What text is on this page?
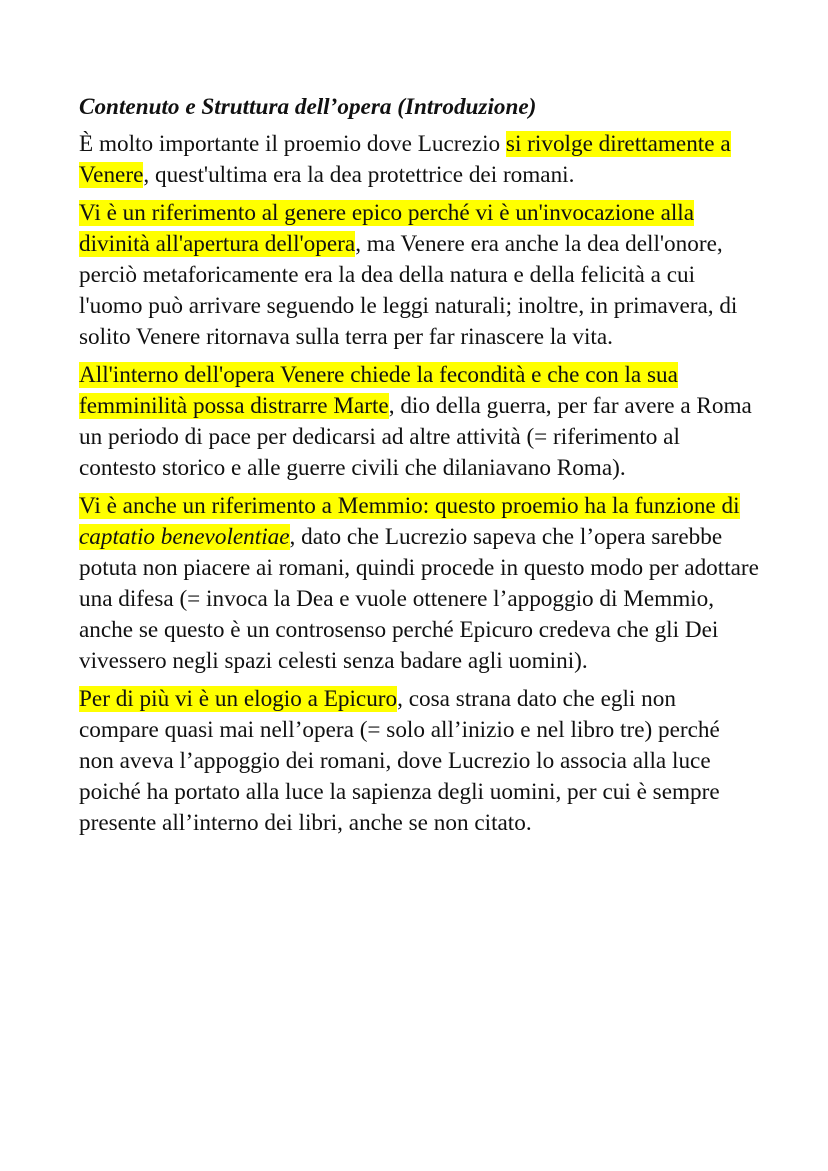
Contenuto e Struttura dell’opera (Introduzione)
È molto importante il proemio dove Lucrezio si rivolge direttamente a Venere, quest'ultima era la dea protettrice dei romani.
Vi è un riferimento al genere epico perché vi è un'invocazione alla divinità all'apertura dell'opera, ma Venere era anche la dea dell'onore, perciò metaforicamente era la dea della natura e della felicità a cui l'uomo può arrivare seguendo le leggi naturali; inoltre, in primavera, di solito Venere ritornava sulla terra per far rinascere la vita.
All'interno dell'opera Venere chiede la fecondità e che con la sua femminilità possa distrarre Marte, dio della guerra, per far avere a Roma un periodo di pace per dedicarsi ad altre attività (= riferimento al contesto storico e alle guerre civili che dilaniavano Roma).
Vi è anche un riferimento a Memmio: questo proemio ha la funzione di captatio benevolentiae, dato che Lucrezio sapeva che l’opera sarebbe potuta non piacere ai romani, quindi procede in questo modo per adottare una difesa (= invoca la Dea e vuole ottenere l’appoggio di Memmio, anche se questo è un controsenso perché Epicuro credeva che gli Dei vivessero negli spazi celesti senza badare agli uomini).
Per di più vi è un elogio a Epicuro, cosa strana dato che egli non compare quasi mai nell’opera (= solo all’inizio e nel libro tre) perché non aveva l’appoggio dei romani, dove Lucrezio lo associa alla luce poiché ha portato alla luce la sapienza degli uomini, per cui è sempre presente all’interno dei libri, anche se non citato.
